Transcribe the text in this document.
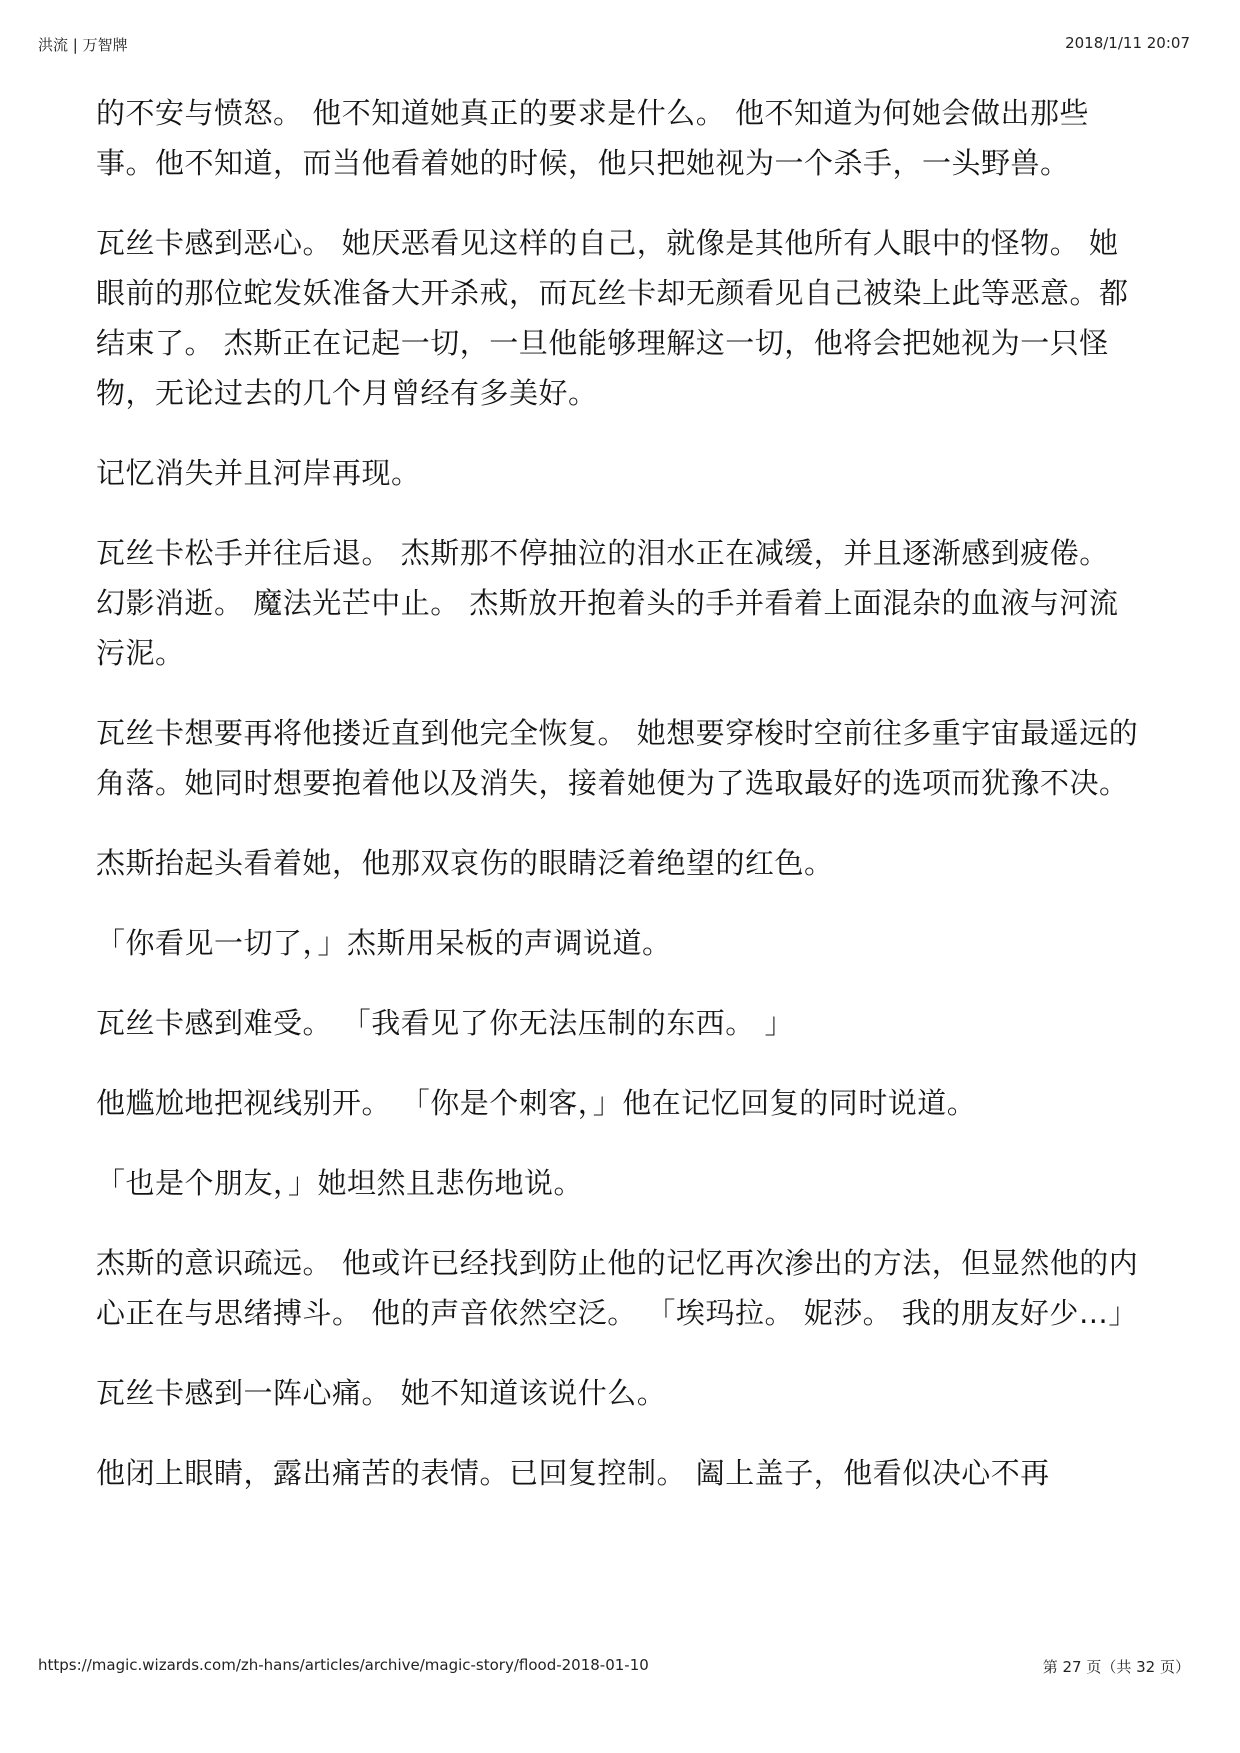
洪流 | 万智牌	2018/1/11 20:07

的不安与愤怒。 他不知道她真正的要求是什么。 他不知道为何她会做出那些事。他不知道，而当他看着她的时候，他只把她视为一个杀手，一头野兽。

瓦丝卡感到恶心。 她厌恶看见这样的自己，就像是其他所有人眼中的怪物。 她眼前的那位蛇发妖准备大开杀戒，而瓦丝卡却无颜看见自己被染上此等恶意。都结束了。 杰斯正在记起一切，一旦他能够理解这一切，他将会把她视为一只怪物，无论过去的几个月曾经有多美好。

记忆消失并且河岸再现。

瓦丝卡松手并往后退。 杰斯那不停抽泣的泪水正在减缓，并且逐渐感到疲倦。 幻影消逝。 魔法光芒中止。 杰斯放开抱着头的手并看着上面混杂的血液与河流污泥。

瓦丝卡想要再将他搂近直到他完全恢复。 她想要穿梭时空前往多重宇宙最遥远的角落。她同时想要抱着他以及消失，接着她便为了选取最好的选项而犹豫不决。

杰斯抬起头看着她，他那双哀伤的眼睛泛着绝望的红色。

「你看见一切了，」杰斯用呆板的声调说道。

瓦丝卡感到难受。 「我看见了你无法压制的东西。 」

他尴尬地把视线别开。 「你是个刺客，」他在记忆回复的同时说道。

「也是个朋友，」她坦然且悲伤地说。

杰斯的意识疏远。 他或许已经找到防止他的记忆再次渗出的方法，但显然他的内心正在与思绪搏斗。 他的声音依然空泛。 「埃玛拉。 妮莎。 我的朋友好少…」

瓦丝卡感到一阵心痛。 她不知道该说什么。

他闭上眼睛，露出痛苦的表情。已回复控制。 阖上盖子，他看似决心不再

https://magic.wizards.com/zh-hans/articles/archive/magic-story/flood-2018-01-10	第 27 页（共 32 页）
